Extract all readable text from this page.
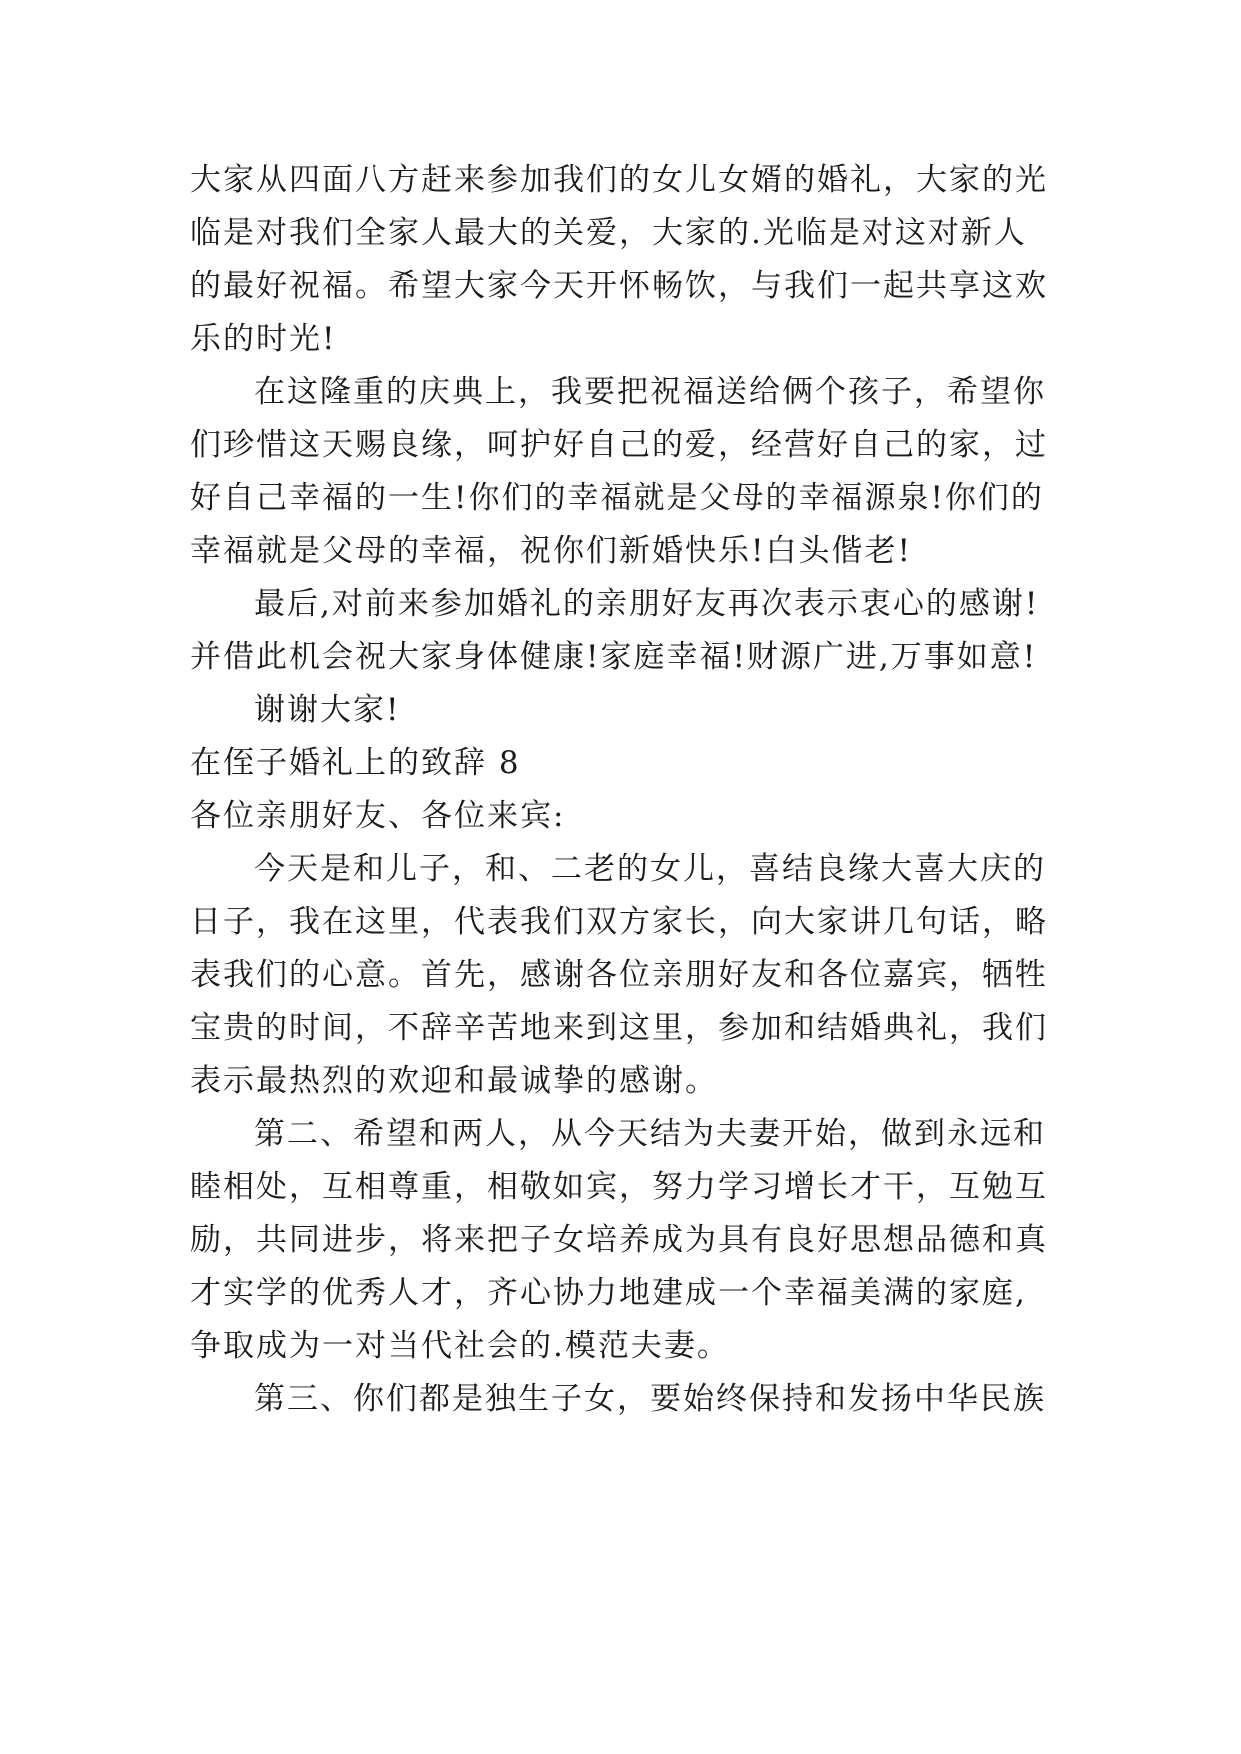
大家从四面八方赶来参加我们的女儿女婿的婚礼，大家的光
临是对我们全家人最大的关爱，大家的.光临是对这对新人
的最好祝福。希望大家今天开怀畅饮，与我们一起共享这欢
乐的时光!
在这隆重的庆典上，我要把祝福送给俩个孩子，希望你
们珍惜这天赐良缘，呵护好自己的爱，经营好自己的家，过
好自己幸福的一生!你们的幸福就是父母的幸福源泉!你们的
幸福就是父母的幸福，祝你们新婚快乐!白头偕老!
最后,对前来参加婚礼的亲朋好友再次表示衷心的感谢!
并借此机会祝大家身体健康!家庭幸福!财源广进,万事如意!
谢谢大家!
在侄子婚礼上的致辞 8
各位亲朋好友、各位来宾:
今天是和儿子，和、二老的女儿，喜结良缘大喜大庆的
日子，我在这里，代表我们双方家长，向大家讲几句话，略
表我们的心意。首先，感谢各位亲朋好友和各位嘉宾，牺牲
宝贵的时间，不辞辛苦地来到这里，参加和结婚典礼，我们
表示最热烈的欢迎和最诚挚的感谢。
第二、希望和两人，从今天结为夫妻开始，做到永远和
睦相处，互相尊重，相敬如宾，努力学习增长才干，互勉互
励，共同进步，将来把子女培养成为具有良好思想品德和真
才实学的优秀人才，齐心协力地建成一个幸福美满的家庭,
争取成为一对当代社会的.模范夫妻。
第三、你们都是独生子女，要始终保持和发扬中华民族
